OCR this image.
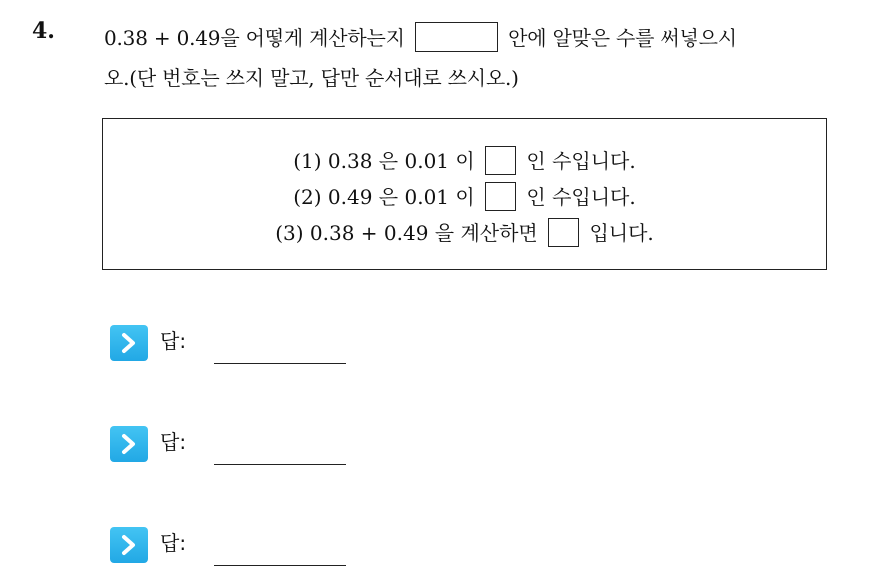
4. 0.38 + 0.49을 어떻게 계산하는지	안에 알맞은 수를 써넣으시
오.(단 번호는 쓰지 말고, 답만 순서대로 쓰시오.)
(1) 0.38 은 0.01 이	인 수입니다.
(2) 0.49 은 0.01 이	인 수입니다.
(3) 0.38 + 0.49 을 계산하면	입니다.
답:
답:
답:
